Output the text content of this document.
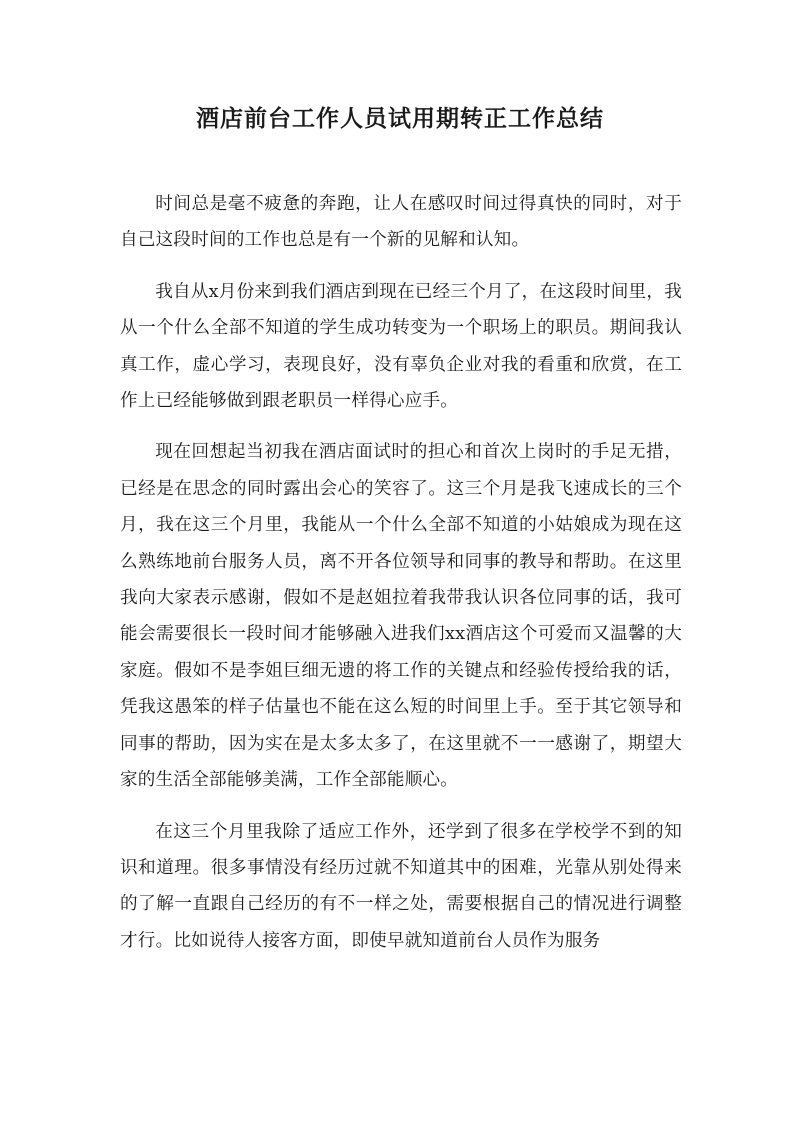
酒店前台工作人员试用期转正工作总结

时间总是毫不疲惫的奔跑，让人在感叹时间过得真快的同时，对于自己这段时间的工作也总是有一个新的见解和认知。

我自从x月份来到我们酒店到现在已经三个月了，在这段时间里，我从一个什么全部不知道的学生成功转变为一个职场上的职员。期间我认真工作，虚心学习，表现良好，没有辜负企业对我的看重和欣赏，在工作上已经能够做到跟老职员一样得心应手。

现在回想起当初我在酒店面试时的担心和首次上岗时的手足无措，已经是在思念的同时露出会心的笑容了。这三个月是我飞速成长的三个月，我在这三个月里，我能从一个什么全部不知道的小姑娘成为现在这么熟练地前台服务人员，离不开各位领导和同事的教导和帮助。在这里我向大家表示感谢，假如不是赵姐拉着我带我认识各位同事的话，我可能会需要很长一段时间才能够融入进我们xx酒店这个可爱而又温馨的大家庭。假如不是李姐巨细无遗的将工作的关键点和经验传授给我的话，凭我这愚笨的样子估量也不能在这么短的时间里上手。至于其它领导和同事的帮助，因为实在是太多太多了，在这里就不一一感谢了，期望大家的生活全部能够美满，工作全部能顺心。

在这三个月里我除了适应工作外，还学到了很多在学校学不到的知识和道理。很多事情没有经历过就不知道其中的困难，光靠从别处得来的了解一直跟自己经历的有不一样之处，需要根据自己的情况进行调整才行。比如说待人接客方面，即使早就知道前台人员作为服务
